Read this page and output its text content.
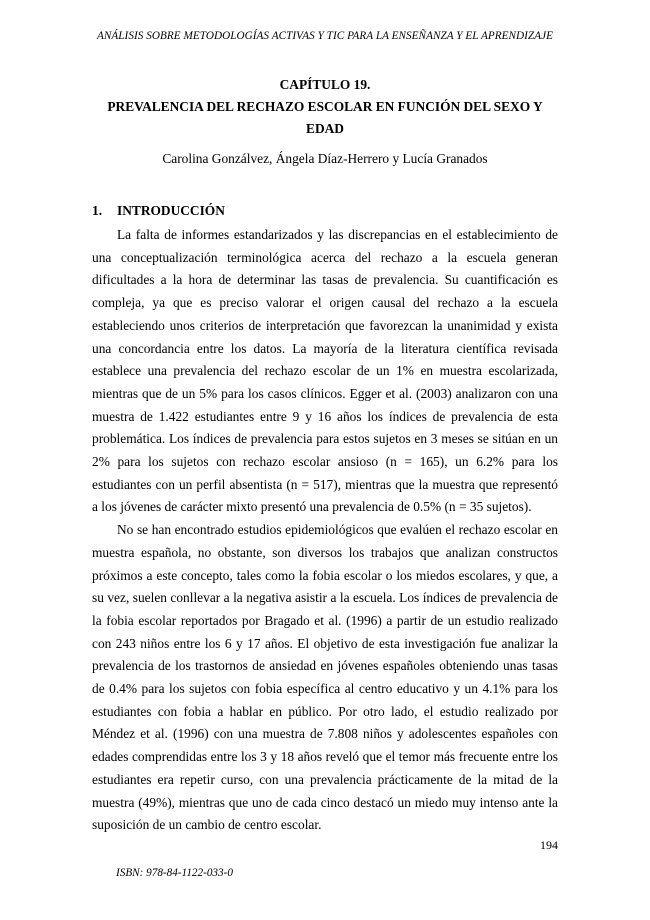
ANÁLISIS SOBRE METODOLOGÍAS ACTIVAS Y TIC PARA LA ENSEÑANZA Y EL APRENDIZAJE
CAPÍTULO 19.
PREVALENCIA DEL RECHAZO ESCOLAR EN FUNCIÓN DEL SEXO Y
EDAD
Carolina Gonzálvez, Ángela Díaz-Herrero y Lucía Granados
1. INTRODUCCIÓN

La falta de informes estandarizados y las discrepancias en el establecimiento de una conceptualización terminológica acerca del rechazo a la escuela generan dificultades a la hora de determinar las tasas de prevalencia. Su cuantificación es compleja, ya que es preciso valorar el origen causal del rechazo a la escuela estableciendo unos criterios de interpretación que favorezcan la unanimidad y exista una concordancia entre los datos. La mayoría de la literatura científica revisada establece una prevalencia del rechazo escolar de un 1% en muestra escolarizada, mientras que de un 5% para los casos clínicos. Egger et al. (2003) analizaron con una muestra de 1.422 estudiantes entre 9 y 16 años los índices de prevalencia de esta problemática. Los índices de prevalencia para estos sujetos en 3 meses se sitúan en un 2% para los sujetos con rechazo escolar ansioso (n = 165), un 6.2% para los estudiantes con un perfil absentista (n = 517), mientras que la muestra que representó a los jóvenes de carácter mixto presentó una prevalencia de 0.5% (n = 35 sujetos).

No se han encontrado estudios epidemiológicos que evalúen el rechazo escolar en muestra española, no obstante, son diversos los trabajos que analizan constructos próximos a este concepto, tales como la fobia escolar o los miedos escolares, y que, a su vez, suelen conllevar a la negativa asistir a la escuela. Los índices de prevalencia de la fobia escolar reportados por Bragado et al. (1996) a partir de un estudio realizado con 243 niños entre los 6 y 17 años. El objetivo de esta investigación fue analizar la prevalencia de los trastornos de ansiedad en jóvenes españoles obteniendo unas tasas de 0.4% para los sujetos con fobia específica al centro educativo y un 4.1% para los estudiantes con fobia a hablar en público. Por otro lado, el estudio realizado por Méndez et al. (1996) con una muestra de 7.808 niños y adolescentes españoles con edades comprendidas entre los 3 y 18 años reveló que el temor más frecuente entre los estudiantes era repetir curso, con una prevalencia prácticamente de la mitad de la muestra (49%), mientras que uno de cada cinco destacó un miedo muy intenso ante la suposición de un cambio de centro escolar.

194
ISBN: 978-84-1122-033-0
